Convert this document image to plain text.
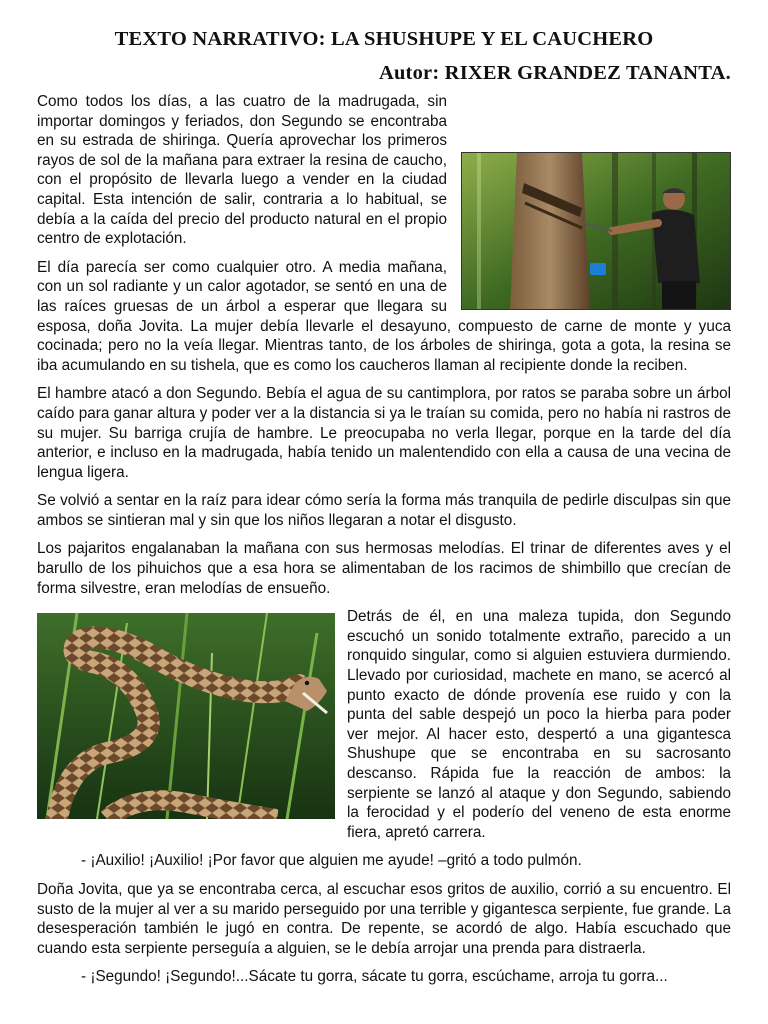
TEXTO NARRATIVO: LA SHUSHUPE Y EL CAUCHERO
Autor: RIXER GRANDEZ TANANTA.

Como todos los días, a las cuatro de la madrugada, sin importar domingos y feriados, don Segundo se encontraba en su estrada de shiringa. Quería aprovechar los primeros rayos de sol de la mañana para extraer la resina de caucho, con el propósito de llevarla luego a vender en la ciudad capital. Esta intención de salir, contraria a lo habitual, se debía a la caída del precio del producto natural en el propio centro de explotación.

El día parecía ser como cualquier otro. A media mañana, con un sol radiante y un calor agotador, se sentó en una de las raíces gruesas de un árbol a esperar que llegara su esposa, doña Jovita. La mujer debía llevarle el desayuno, compuesto de carne de monte y yuca cocinada; pero no la veía llegar. Mientras tanto, de los árboles de shiringa, gota a gota, la resina se iba acumulando en su tishela, que es como los caucheros llaman al recipiente donde la reciben.

El hambre atacó a don Segundo. Bebía el agua de su cantimplora, por ratos se paraba sobre un árbol caído para ganar altura y poder ver a la distancia si ya le traían su comida, pero no había ni rastros de su mujer. Su barriga crujía de hambre. Le preocupaba no verla llegar, porque en la tarde del día anterior, e incluso en la madrugada, había tenido un malentendido con ella a causa de una vecina de lengua ligera.

Se volvió a sentar en la raíz para idear cómo sería la forma más tranquila de pedirle disculpas sin que ambos se sintieran mal y sin que los niños llegaran a notar el disgusto.

Los pajaritos engalanaban la mañana con sus hermosas melodías. El trinar de diferentes aves y el barullo de los pihuichos que a esa hora se alimentaban de los racimos de shimbillo que crecían de forma silvestre, eran melodías de ensueño.

Detrás de él, en una maleza tupida, don Segundo escuchó un sonido totalmente extraño, parecido a un ronquido singular, como si alguien estuviera durmiendo. Llevado por curiosidad, machete en mano, se acercó al punto exacto de dónde provenía ese ruido y con la punta del sable despejó un poco la hierba para poder ver mejor. Al hacer esto, despertó a una gigantesca Shushupe que se encontraba en su sacrosanto descanso. Rápida fue la reacción de ambos: la serpiente se lanzó al ataque y don Segundo, sabiendo la ferocidad y el poderío del veneno de esta enorme fiera, apretó carrera.

- ¡Auxilio! ¡Auxilio! ¡Por favor que alguien me ayude! –gritó a todo pulmón.

Doña Jovita, que ya se encontraba cerca, al escuchar esos gritos de auxilio, corrió a su encuentro. El susto de la mujer al ver a su marido perseguido por una terrible y gigantesca serpiente, fue grande. La desesperación también le jugó en contra. De repente, se acordó de algo. Había escuchado que cuando esta serpiente perseguía a alguien, se le debía arrojar una prenda para distraerla.

- ¡Segundo! ¡Segundo!...Sácate tu gorra, sácate tu gorra, escúchame, arroja tu gorra...
